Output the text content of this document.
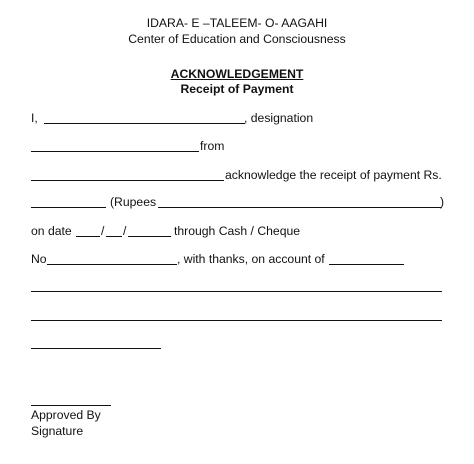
IDARA- E –TALEEM- O- AAGAHI
Center of Education and Consciousness
ACKNOWLEDGEMENT
Receipt of Payment
I,	, designation
from
acknowledge the receipt of payment Rs.
(Rupees	)
on date / /	through Cash / Cheque
No	, with thanks, on account of
Approved By
Signature
